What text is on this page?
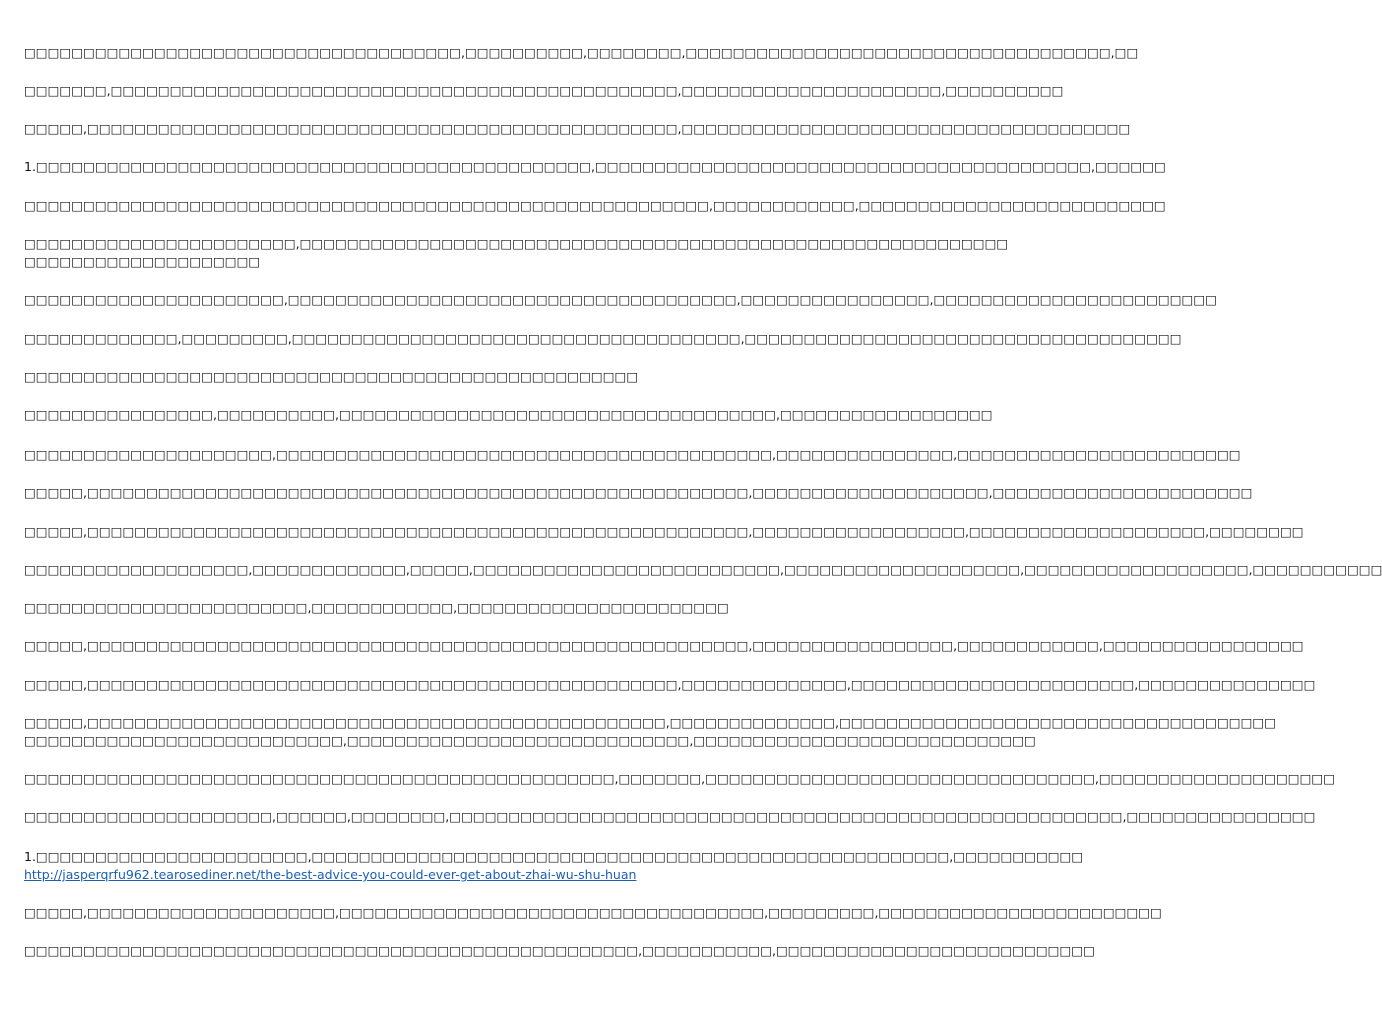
□□□□□□□□□□□□□□□□□□□□□□□□□□□□□□□□□□□□□,□□□□□□□□□□,□□□□□□□□,□□□□□□□□□□□□□□□□□□□□□□□□□□□□□□□□□□□□,□□
□□□□□□□,□□□□□□□□□□□□□□□□□□□□□□□□□□□□□□□□□□□□□□□□□□□□□□□□,□□□□□□□□□□□□□□□□□□□□□□,□□□□□□□□□□
□□□□□,□□□□□□□□□□□□□□□□□□□□□□□□□□□□□□□□□□□□□□□□□□□□□□□□□□,□□□□□□□□□□□□□□□□□□□□□□□□□□□□□□□□□□□□□□
1.□□□□□□□□□□□□□□□□□□□□□□□□□□□□□□□□□□□□□□□□□□□□□□□,□□□□□□□□□□□□□□□□□□□□□□□□□□□□□□□□□□□□□□□□□□,□□□□□□
□□□□□□□□□□□□□□□□□□□□□□□□□□□□□□□□□□□□□□□□□□□□□□□□□□□□□□□□□□,□□□□□□□□□□□□,□□□□□□□□□□□□□□□□□□□□□□□□□□
□□□□□□□□□□□□□□□□□□□□□□□,□□□□□□□□□□□□□□□□□□□□□□□□□□□□□□□□□□□□□□□□□□□□□□□□□□□□□□□□□□□□
□□□□□□□□□□□□□□□□□□□□
□□□□□□□□□□□□□□□□□□□□□□,□□□□□□□□□□□□□□□□□□□□□□□□□□□□□□□□□□□□□□,□□□□□□□□□□□□□□□□,□□□□□□□□□□□□□□□□□□□□□□□□
□□□□□□□□□□□□□,□□□□□□□□□,□□□□□□□□□□□□□□□□□□□□□□□□□□□□□□□□□□□□□□,□□□□□□□□□□□□□□□□□□□□□□□□□□□□□□□□□□□□□
□□□□□□□□□□□□□□□□□□□□□□□□□□□□□□□□□□□□□□□□□□□□□□□□□□□□
□□□□□□□□□□□□□□□□,□□□□□□□□□□,□□□□□□□□□□□□□□□□□□□□□□□□□□□□□□□□□□□□□,□□□□□□□□□□□□□□□□□□
□□□□□□□□□□□□□□□□□□□□□,□□□□□□□□□□□□□□□□□□□□□□□□□□□□□□□□□□□□□□□□□□,□□□□□□□□□□□□□□□,□□□□□□□□□□□□□□□□□□□□□□□□
□□□□□,□□□□□□□□□□□□□□□□□□□□□□□□□□□□□□□□□□□□□□□□□□□□□□□□□□□□□□□□,□□□□□□□□□□□□□□□□□□□□,□□□□□□□□□□□□□□□□□□□□□□
□□□□□,□□□□□□□□□□□□□□□□□□□□□□□□□□□□□□□□□□□□□□□□□□□□□□□□□□□□□□□□,□□□□□□□□□□□□□□□□□□,□□□□□□□□□□□□□□□□□□□□,□□□□□□□□
□□□□□□□□□□□□□□□□□□□,□□□□□□□□□□□□□,□□□□□,□□□□□□□□□□□□□□□□□□□□□□□□□□,□□□□□□□□□□□□□□□□□□□□,□□□□□□□□□□□□□□□□□□□,□□□□□□□□□□□
□□□□□□□□□□□□□□□□□□□□□□□□,□□□□□□□□□□□□,□□□□□□□□□□□□□□□□□□□□□□□
□□□□□,□□□□□□□□□□□□□□□□□□□□□□□□□□□□□□□□□□□□□□□□□□□□□□□□□□□□□□□□,□□□□□□□□□□□□□□□□□,□□□□□□□□□□□□,□□□□□□□□□□□□□□□□□
□□□□□,□□□□□□□□□□□□□□□□□□□□□□□□□□□□□□□□□□□□□□□□□□□□□□□□□□,□□□□□□□□□□□□□□,□□□□□□□□□□□□□□□□□□□□□□□□,□□□□□□□□□□□□□□□
□□□□□,□□□□□□□□□□□□□□□□□□□□□□□□□□□□□□□□□□□□□□□□□□□□□□□□□,□□□□□□□□□□□□□□,□□□□□□□□□□□□□□□□□□□□□□□□□□□□□□□□□□□□□
□□□□□□□□□□□□□□□□□□□□□□□□□□□,□□□□□□□□□□□□□□□□□□□□□□□□□□□□□,□□□□□□□□□□□□□□□□□□□□□□□□□□□□□
□□□□□□□□□□□□□□□□□□□□□□□□□□□□□□□□□□□□□□□□□□□□□□□□□□,□□□□□□□,□□□□□□□□□□□□□□□□□□□□□□□□□□□□□□□□□,□□□□□□□□□□□□□□□□□□□□
□□□□□□□□□□□□□□□□□□□□□,□□□□□□,□□□□□□□□,□□□□□□□□□□□□□□□□□□□□□□□□□□□□□□□□□□□□□□□□□□□□□□□□□□□□□□□□□,□□□□□□□□□□□□□□□□
1.□□□□□□□□□□□□□□□□□□□□□□□,□□□□□□□□□□□□□□□□□□□□□□□□□□□□□□□□□□□□□□□□□□□□□□□□□□□□□□,□□□□□□□□□□□
http://jasperqrfu962.tearosediner.net/the-best-advice-you-could-ever-get-about-zhai-wu-shu-huan
□□□□□,□□□□□□□□□□□□□□□□□□□□□,□□□□□□□□□□□□□□□□□□□□□□□□□□□□□□□□□□□□,□□□□□□□□□,□□□□□□□□□□□□□□□□□□□□□□□□
□□□□□□□□□□□□□□□□□□□□□□□□□□□□□□□□□□□□□□□□□□□□□□□□□□□□,□□□□□□□□□□□,□□□□□□□□□□□□□□□□□□□□□□□□□□□
